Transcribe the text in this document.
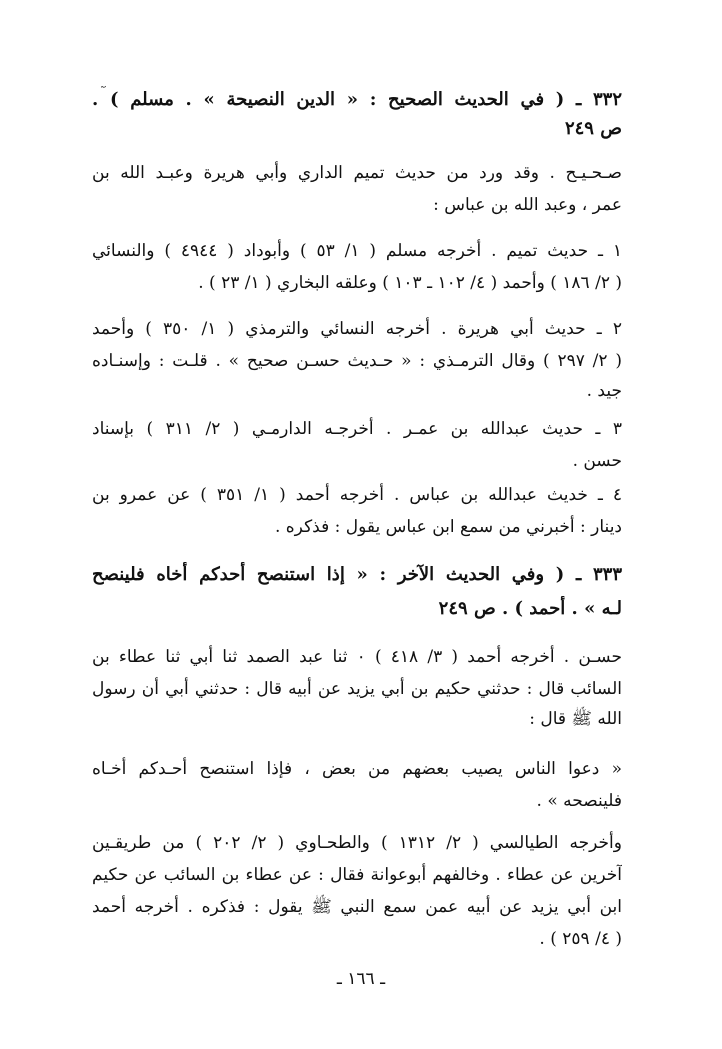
٣٣٢ ـ ( في الحديث الصحيح : « الدين النصيحة » . مسلم ) .
ص ٢٤٩
صـحـيـح . وقد ورد من حديث تميم الداري وأبي هريرة وعبـد الله بن
عمر ، وعبد الله بن عباس :
١ ـ حديث تميم . أخرجه مسلم ( ١/ ٥٣ ) وأبوداد ( ٤٩٤٤ ) والنسائي
( ٢/ ١٨٦ ) وأحمد ( ٤/ ١٠٢ ـ ١٠٣ ) وعلقه البخاري ( ١/ ٢٣ ) .
٢ ـ حديث أبي هريرة . أخرجه النسائي والترمذي ( ١/ ٣٥٠ ) وأحمد
( ٢/ ٢٩٧ ) وقال الترمـذي : « حـديث حسـن صحيح » . قلـت : وإسنـاده
جيد .
٣ ـ حديث عبدالله بن عمـر . أخرجـه الدارمـي ( ٢/ ٣١١ ) بإسناد
حسن .
٤ ـ خديث عبدالله بن عباس . أخرجه أحمد ( ١/ ٣٥١ ) عن عمرو بن
دينار : أخبرني من سمع ابن عباس يقول : فذكره .
٣٣٣ ـ ( وفي الحديث الآخر : « إذا استنصح أحدكم أخاه فلينصح
لـه » . أحمد ) . ص ٢٤٩
حسـن . أخرجه أحمد ( ٣/ ٤١٨ ) ٠ ثنا عبد الصمد ثنا أبي ثنا عطاء بن
السائب قال : حدثني حكيم بن أبي يزيد عن أبيه قال : حدثني أبي أن رسول
الله ﷺ قال :
« دعوا الناس يصيب بعضهم من بعض ، فإذا استنصح أحـدكم أخـاه
فلينصحه » .
وأخرجه الطيالسي ( ٢/ ١٣١٢ ) والطحـاوي ( ٢/ ٢٠٢ ) من طريقـين
آخرين عن عطاء . وخالفهم أبوعوانة فقال : عن عطاء بن السائب عن حكيم
ابن أبي يزيد عن أبيه عمن سمع النبي ﷺ يقول : فذكره . أخرجه أحمد
( ٤/ ٢٥٩ ) .
ـ ١٦٦ ـ
